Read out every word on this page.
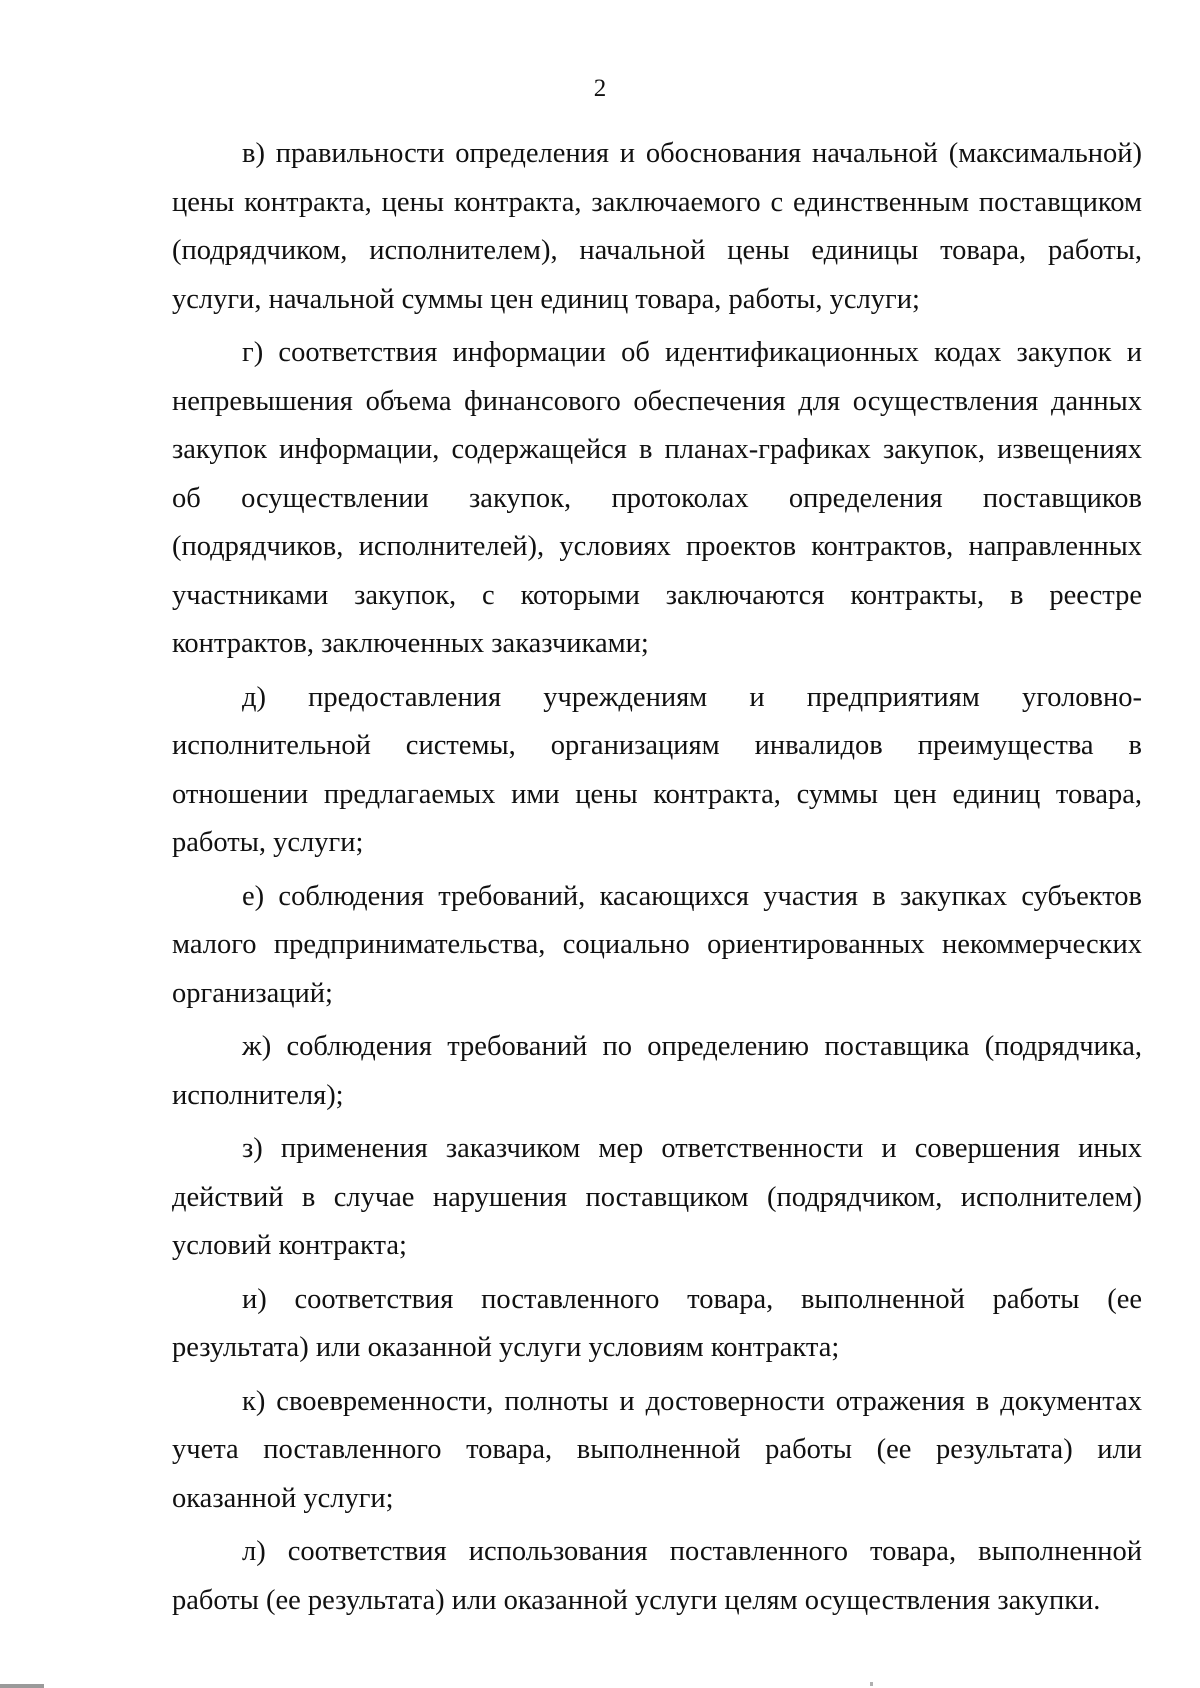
2

в) правильности определения и обоснования начальной (максимальной) цены контракта, цены контракта, заключаемого с единственным поставщиком (подрядчиком, исполнителем), начальной цены единицы товара, работы, услуги, начальной суммы цен единиц товара, работы, услуги;

г) соответствия информации об идентификационных кодах закупок и непревышения объема финансового обеспечения для осуществления данных закупок информации, содержащейся в планах-графиках закупок, извещениях об осуществлении закупок, протоколах определения поставщиков (подрядчиков, исполнителей), условиях проектов контрактов, направленных участниками закупок, с которыми заключаются контракты, в реестре контрактов, заключенных заказчиками;

д) предоставления учреждениям и предприятиям уголовно-исполнительной системы, организациям инвалидов преимущества в отношении предлагаемых ими цены контракта, суммы цен единиц товара, работы, услуги;

е) соблюдения требований, касающихся участия в закупках субъектов малого предпринимательства, социально ориентированных некоммерческих организаций;

ж) соблюдения требований по определению поставщика (подрядчика, исполнителя);

з) применения заказчиком мер ответственности и совершения иных действий в случае нарушения поставщиком (подрядчиком, исполнителем) условий контракта;

и) соответствия поставленного товара, выполненной работы (ее результата) или оказанной услуги условиям контракта;

к) своевременности, полноты и достоверности отражения в документах учета поставленного товара, выполненной работы (ее результата) или оказанной услуги;

л) соответствия использования поставленного товара, выполненной работы (ее результата) или оказанной услуги целям осуществления закупки.
